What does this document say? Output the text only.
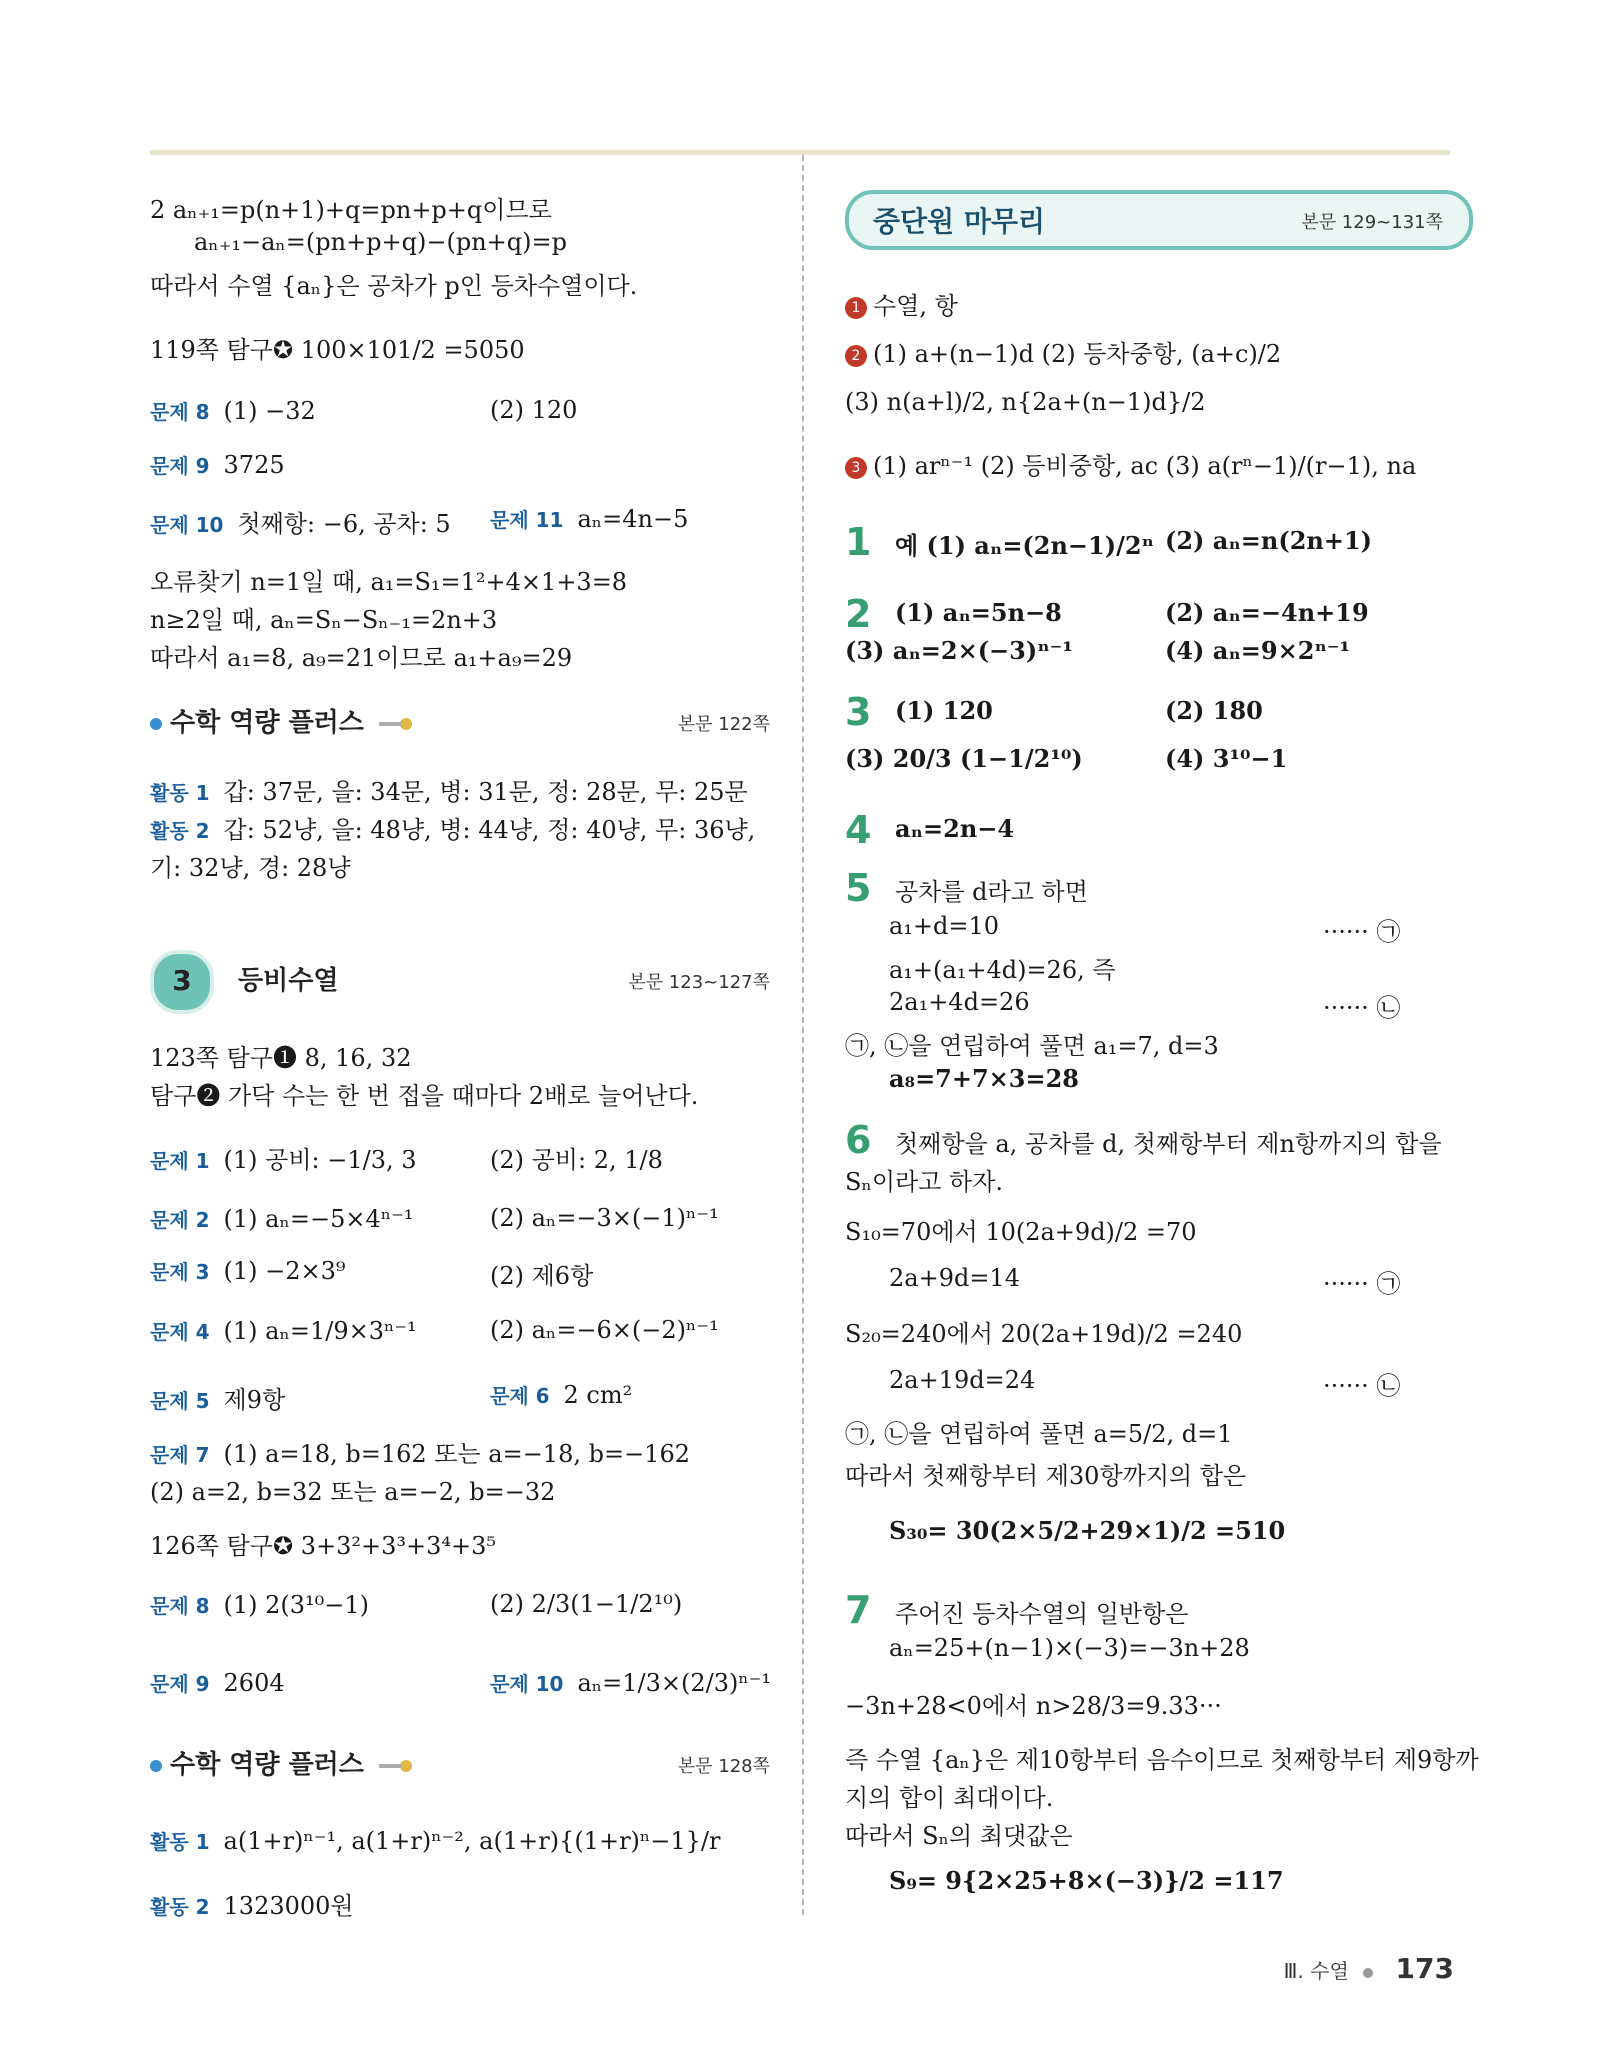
2 aₙ₊₁=p(n+1)+q=pn+p+q이므로
aₙ₊₁−aₙ=(pn+p+q)−(pn+q)=p
따라서 수열 {aₙ}은 공차가 p인 등차수열이다.
119쪽 탐구✪ 100×101/2 =5050
문제 8 (1) −32	(2) 120
문제 9 3725
문제 10 첫째항: −6, 공차: 5 문제 11 aₙ=4n−5
오류찾기 n=1일 때, a₁=S₁=1²+4×1+3=8
n≥2일 때, aₙ=Sₙ−Sₙ₋₁=2n+3
따라서 a₁=8, a₉=21이므로 a₁+a₉=29
수학 역량 플러스	본문 122쪽
활동 1 갑: 37문, 을: 34문, 병: 31문, 정: 28문, 무: 25문
활동 2 갑: 52냥, 을: 48냥, 병: 44냥, 정: 40냥, 무: 36냥,
기: 32냥, 경: 28냥
3	등비수열	본문 123~127쪽
123쪽 탐구❶ 8, 16, 32
탐구❷ 가닥 수는 한 번 접을 때마다 2배로 늘어난다.
문제 1 (1) 공비: −1/3, 3	(2) 공비: 2, 1/8
문제 2 (1) aₙ=−5×4ⁿ⁻¹	(2) aₙ=−3×(−1)ⁿ⁻¹
문제 3 (1) −2×3⁹	(2) 제6항
문제 4 (1) aₙ=1/9×3ⁿ⁻¹	(2) aₙ=−6×(−2)ⁿ⁻¹
문제 5 제9항	문제 6 2 cm²
문제 7 (1) a=18, b=162 또는 a=−18, b=−162
(2) a=2, b=32 또는 a=−2, b=−32
126쪽 탐구✪ 3+3²+3³+3⁴+3⁵
문제 8 (1) 2(3¹⁰−1)	(2) 2/3(1−1/2¹⁰)
문제 9 2604	문제 10 aₙ=1/3×(2/3)ⁿ⁻¹
수학 역량 플러스	본문 128쪽
활동 1 a(1+r)ⁿ⁻¹, a(1+r)ⁿ⁻², a(1+r){(1+r)ⁿ−1}/r
활동 2 1323000원
중단원 마무리	본문 129~131쪽
1 수열, 항
2 (1) a+(n−1)d (2) 등차중항, (a+c)/2
(3) n(a+l)/2, n{2a+(n−1)d}/2
3 (1) arⁿ⁻¹ (2) 등비중항, ac (3) a(rⁿ−1)/(r−1), na
1 예 (1) aₙ=(2n−1)/2ⁿ (2) aₙ=n(2n+1)
2 (1) aₙ=5n−8	(2) aₙ=−4n+19
(3) aₙ=2×(−3)ⁿ⁻¹	(4) aₙ=9×2ⁿ⁻¹
3 (1) 120	(2) 180
(3) 20/3 (1−1/2¹⁰)	(4) 3¹⁰−1
4 aₙ=2n−4
5 공차를 d라고 하면
a₁+d=10	······ ㉠
a₁+(a₁+4d)=26, 즉
2a₁+4d=26	······ ㉡
㉠, ㉡을 연립하여 풀면 a₁=7, d=3
a₈=7+7×3=28
6 첫째항을 a, 공차를 d, 첫째항부터 제n항까지의 합을
Sₙ이라고 하자.
S₁₀=70에서 10(2a+9d)/2 =70
2a+9d=14	······ ㉠
S₂₀=240에서 20(2a+19d)/2 =240
2a+19d=24	······ ㉡
㉠, ㉡을 연립하여 풀면 a=5/2, d=1
따라서 첫째항부터 제30항까지의 합은
S₃₀= 30(2×5/2+29×1)/2 =510
7 주어진 등차수열의 일반항은
aₙ=25+(n−1)×(−3)=−3n+28
−3n+28<0에서 n>28/3=9.33···
즉 수열 {aₙ}은 제10항부터 음수이므로 첫째항부터 제9항까
지의 합이 최대이다.
따라서 Sₙ의 최댓값은
S₉= 9{2×25+8×(−3)}/2 =117
Ⅲ. 수열 173
